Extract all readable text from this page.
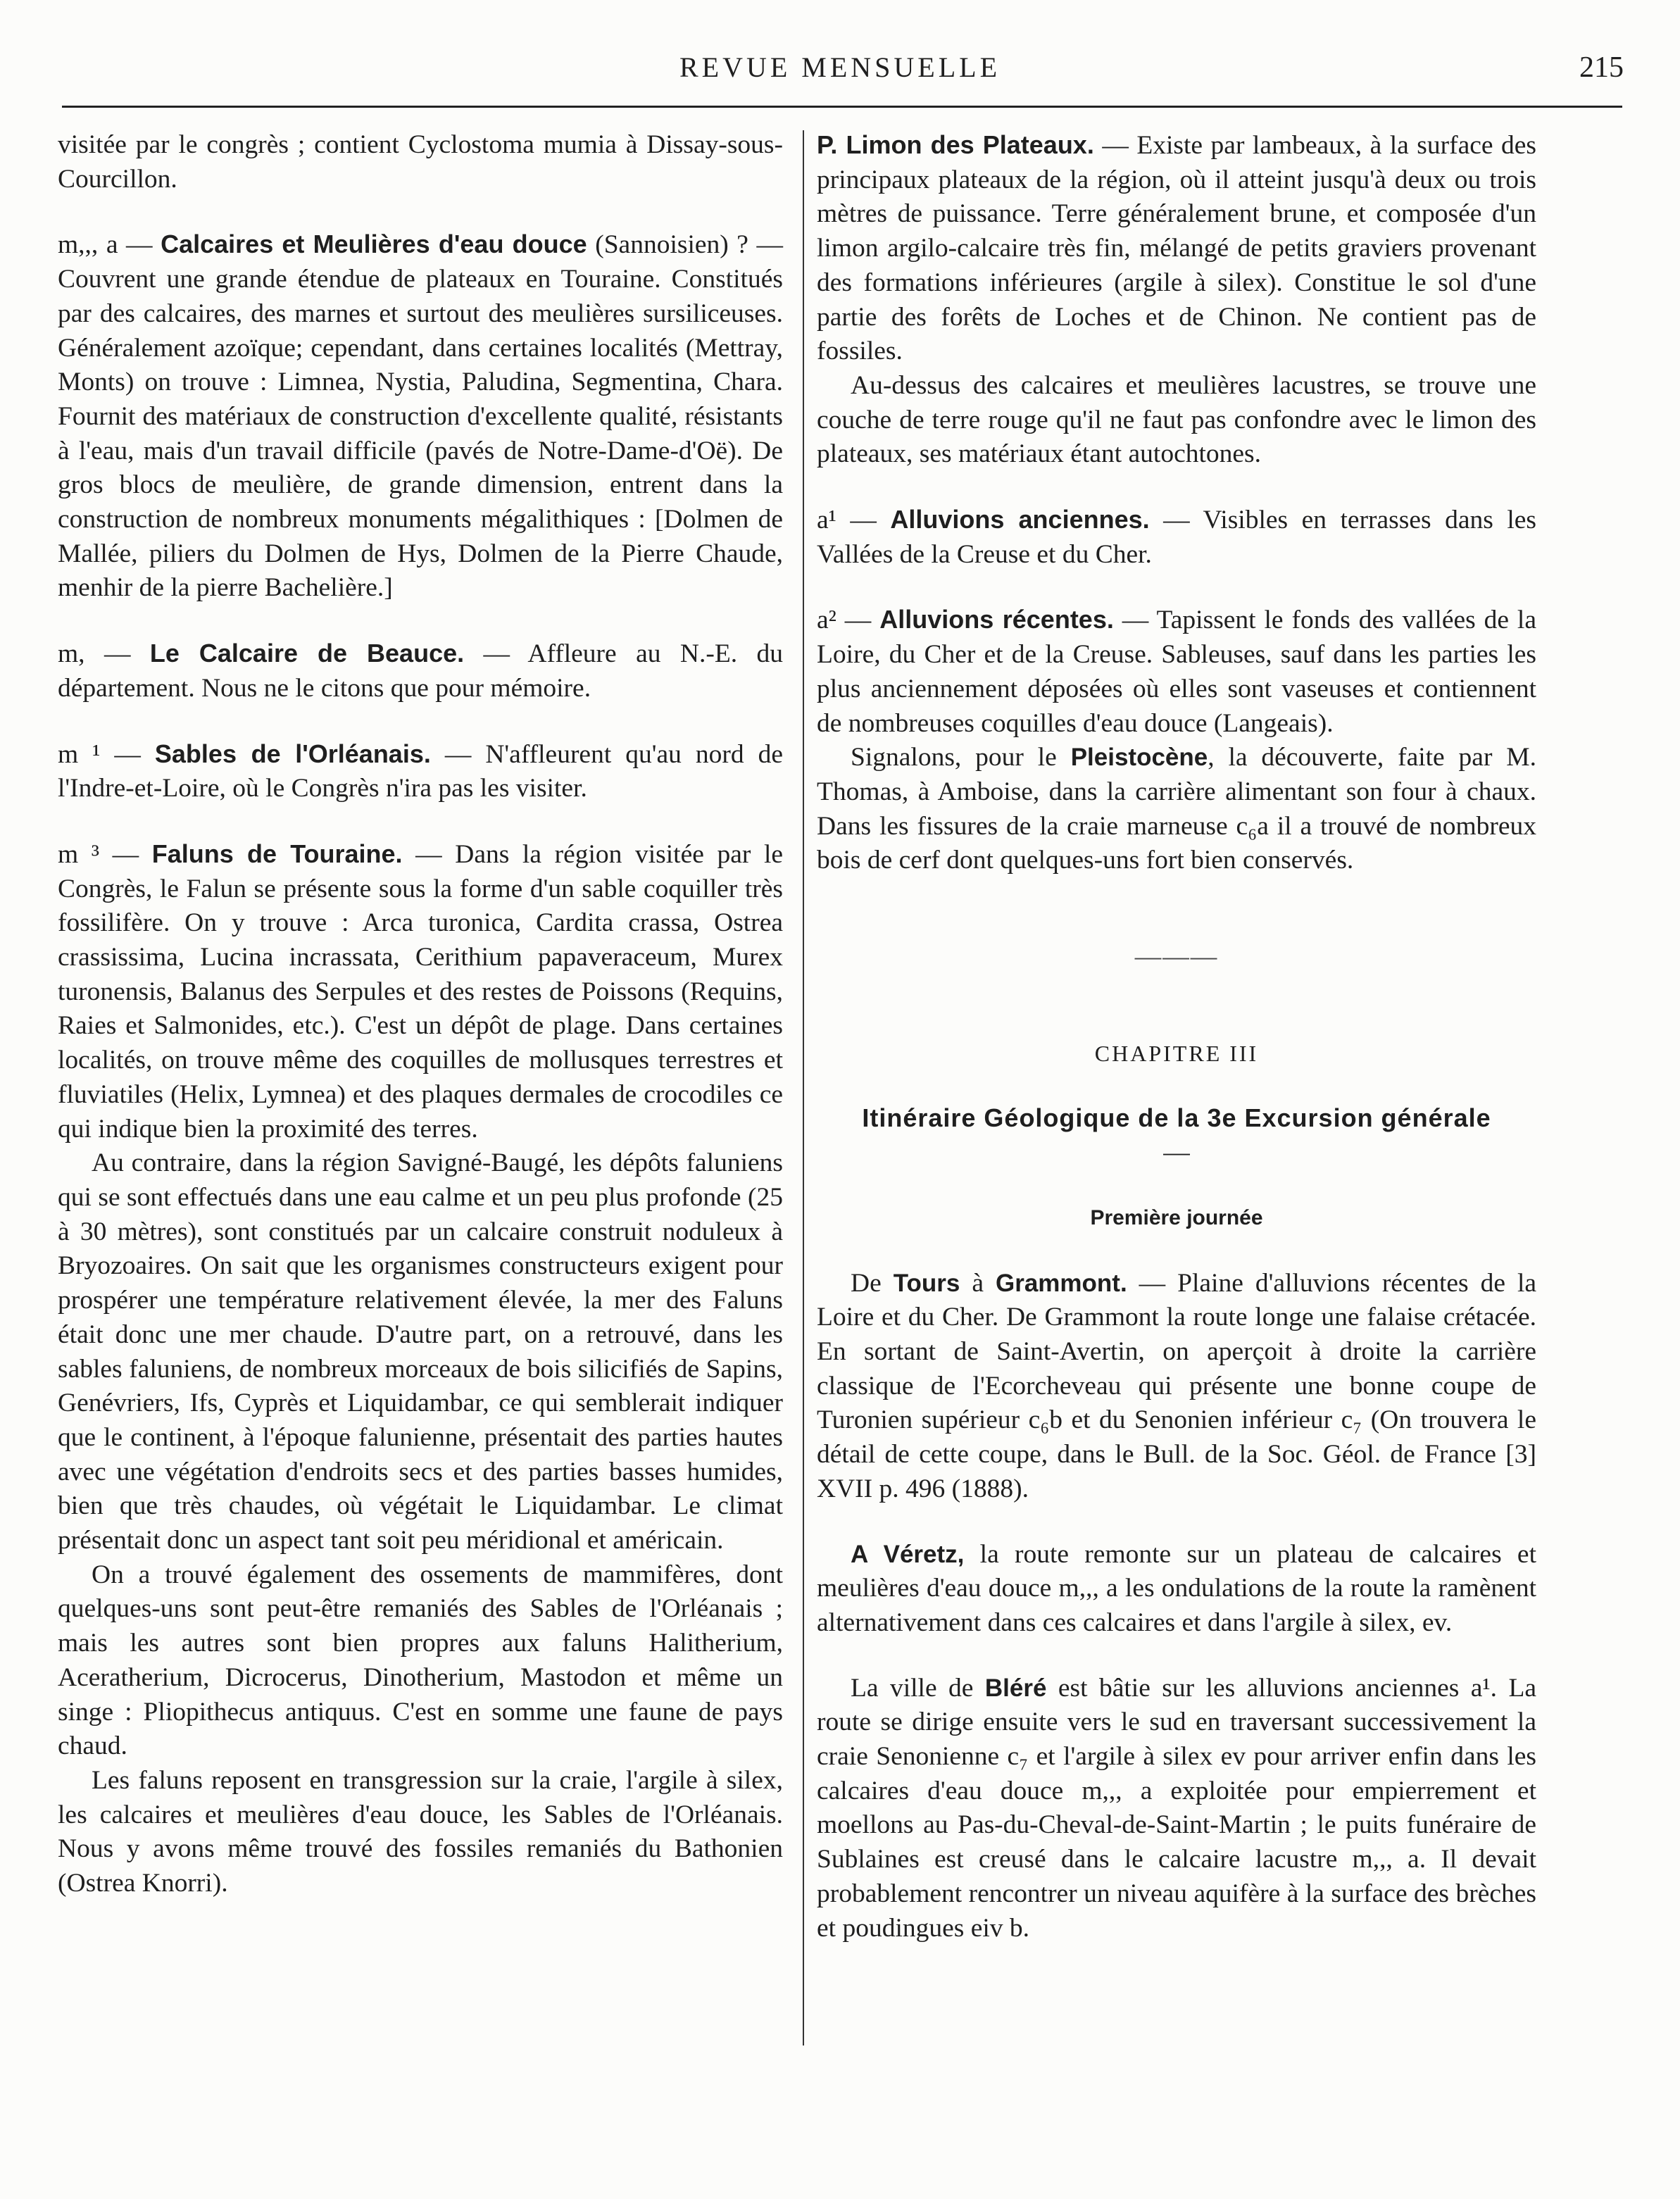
REVUE MENSUELLE	215

visitée par le congrès ; contient Cyclostoma mumia à Dissay-sous-Courcillon.

m,,, a — Calcaires et Meulières d'eau douce (Sannoisien) ? — Couvrent une grande étendue de plateaux en Touraine. Constitués par des calcaires, des marnes et surtout des meulières sursiliceuses. Généralement azoïque; cependant, dans certaines localités (Mettray, Monts) on trouve : Limnea, Nystia, Paludina, Segmentina, Chara. Fournit des matériaux de construction d'excellente qualité, résistants à l'eau, mais d'un travail difficile (pavés de Notre-Dame-d'Oë). De gros blocs de meulière, de grande dimension, entrent dans la construction de nombreux monuments mégalithiques : [Dolmen de Mallée, piliers du Dolmen de Hys, Dolmen de la Pierre Chaude, menhir de la pierre Bachelière.]

m, — Le Calcaire de Beauce. — Affleure au N.-E. du département. Nous ne le citons que pour mémoire.

m ¹ — Sables de l'Orléanais. — N'affleurent qu'au nord de l'Indre-et-Loire, où le Congrès n'ira pas les visiter.

m ³ — Faluns de Touraine. — Dans la région visitée par le Congrès, le Falun se présente sous la forme d'un sable coquiller très fossilifère. On y trouve : Arca turonica, Cardita crassa, Ostrea crassissima, Lucina incrassata, Cerithium papaveraceum, Murex turonensis, Balanus des Serpules et des restes de Poissons (Requins, Raies et Salmonides, etc.). C'est un dépôt de plage. Dans certaines localités, on trouve même des coquilles de mollusques terrestres et fluviatiles (Helix, Lymnea) et des plaques dermales de crocodiles ce qui indique bien la proximité des terres.

Au contraire, dans la région Savigné-Baugé, les dépôts faluniens qui se sont effectués dans une eau calme et un peu plus profonde (25 à 30 mètres), sont constitués par un calcaire construit noduleux à Bryozoaires. On sait que les organismes constructeurs exigent pour prospérer une température relativement élevée, la mer des Faluns était donc une mer chaude. D'autre part, on a retrouvé, dans les sables faluniens, de nombreux morceaux de bois silicifiés de Sapins, Genévriers, Ifs, Cyprès et Liquidambar, ce qui semblerait indiquer que le continent, à l'époque falunienne, présentait des parties hautes avec une végétation d'endroits secs et des parties basses humides, bien que très chaudes, où végétait le Liquidambar. Le climat présentait donc un aspect tant soit peu méridional et américain.

On a trouvé également des ossements de mammifères, dont quelques-uns sont peut-être remaniés des Sables de l'Orléanais ; mais les autres sont bien propres aux faluns Halitherium, Aceratherium, Dicrocerus, Dinotherium, Mastodon et même un singe : Pliopithecus antiquus. C'est en somme une faune de pays chaud.

Les faluns reposent en transgression sur la craie, l'argile à silex, les calcaires et meulières d'eau douce, les Sables de l'Orléanais. Nous y avons même trouvé des fossiles remaniés du Bathonien (Ostrea Knorri).

P. Limon des Plateaux. — Existe par lambeaux, à la surface des principaux plateaux de la région, où il atteint jusqu'à deux ou trois mètres de puissance. Terre généralement brune, et composée d'un limon argilo-calcaire très fin, mélangé de petits graviers provenant des formations inférieures (argile à silex). Constitue le sol d'une partie des forêts de Loches et de Chinon. Ne contient pas de fossiles.

Au-dessus des calcaires et meulières lacustres, se trouve une couche de terre rouge qu'il ne faut pas confondre avec le limon des plateaux, ses matériaux étant autochtones.

a¹ — Alluvions anciennes. — Visibles en terrasses dans les Vallées de la Creuse et du Cher.

a² — Alluvions récentes. — Tapissent le fonds des vallées de la Loire, du Cher et de la Creuse. Sableuses, sauf dans les parties les plus anciennement déposées où elles sont vaseuses et contiennent de nombreuses coquilles d'eau douce (Langeais).

Signalons, pour le Pleistocène, la découverte, faite par M. Thomas, à Amboise, dans la carrière alimentant son four à chaux. Dans les fissures de la craie marneuse c₆a il a trouvé de nombreux bois de cerf dont quelques-uns fort bien conservés.

———

CHAPITRE III

Itinéraire Géologique de la 3e Excursion générale

—

Première journée

De Tours à Grammont. — Plaine d'alluvions récentes de la Loire et du Cher. De Grammont la route longe une falaise crétacée. En sortant de Saint-Avertin, on aperçoit à droite la carrière classique de l'Ecorcheveau qui présente une bonne coupe de Turonien supérieur c₆b et du Senonien inférieur c₇ (On trouvera le détail de cette coupe, dans le Bull. de la Soc. Géol. de France [3] XVII p. 496 (1888).

A Véretz, la route remonte sur un plateau de calcaires et meulières d'eau douce m,,, a les ondulations de la route la ramènent alternativement dans ces calcaires et dans l'argile à silex, ev.

La ville de Bléré est bâtie sur les alluvions anciennes a¹. La route se dirige ensuite vers le sud en traversant successivement la craie Senonienne c₇ et l'argile à silex ev pour arriver enfin dans les calcaires d'eau douce m,,, a exploitée pour empierrement et moellons au Pas-du-Cheval-de-Saint-Martin ; le puits funéraire de Sublaines est creusé dans le calcaire lacustre m,,, a. Il devait probablement rencontrer un niveau aquifère à la surface des brèches et poudingues eiv b.
